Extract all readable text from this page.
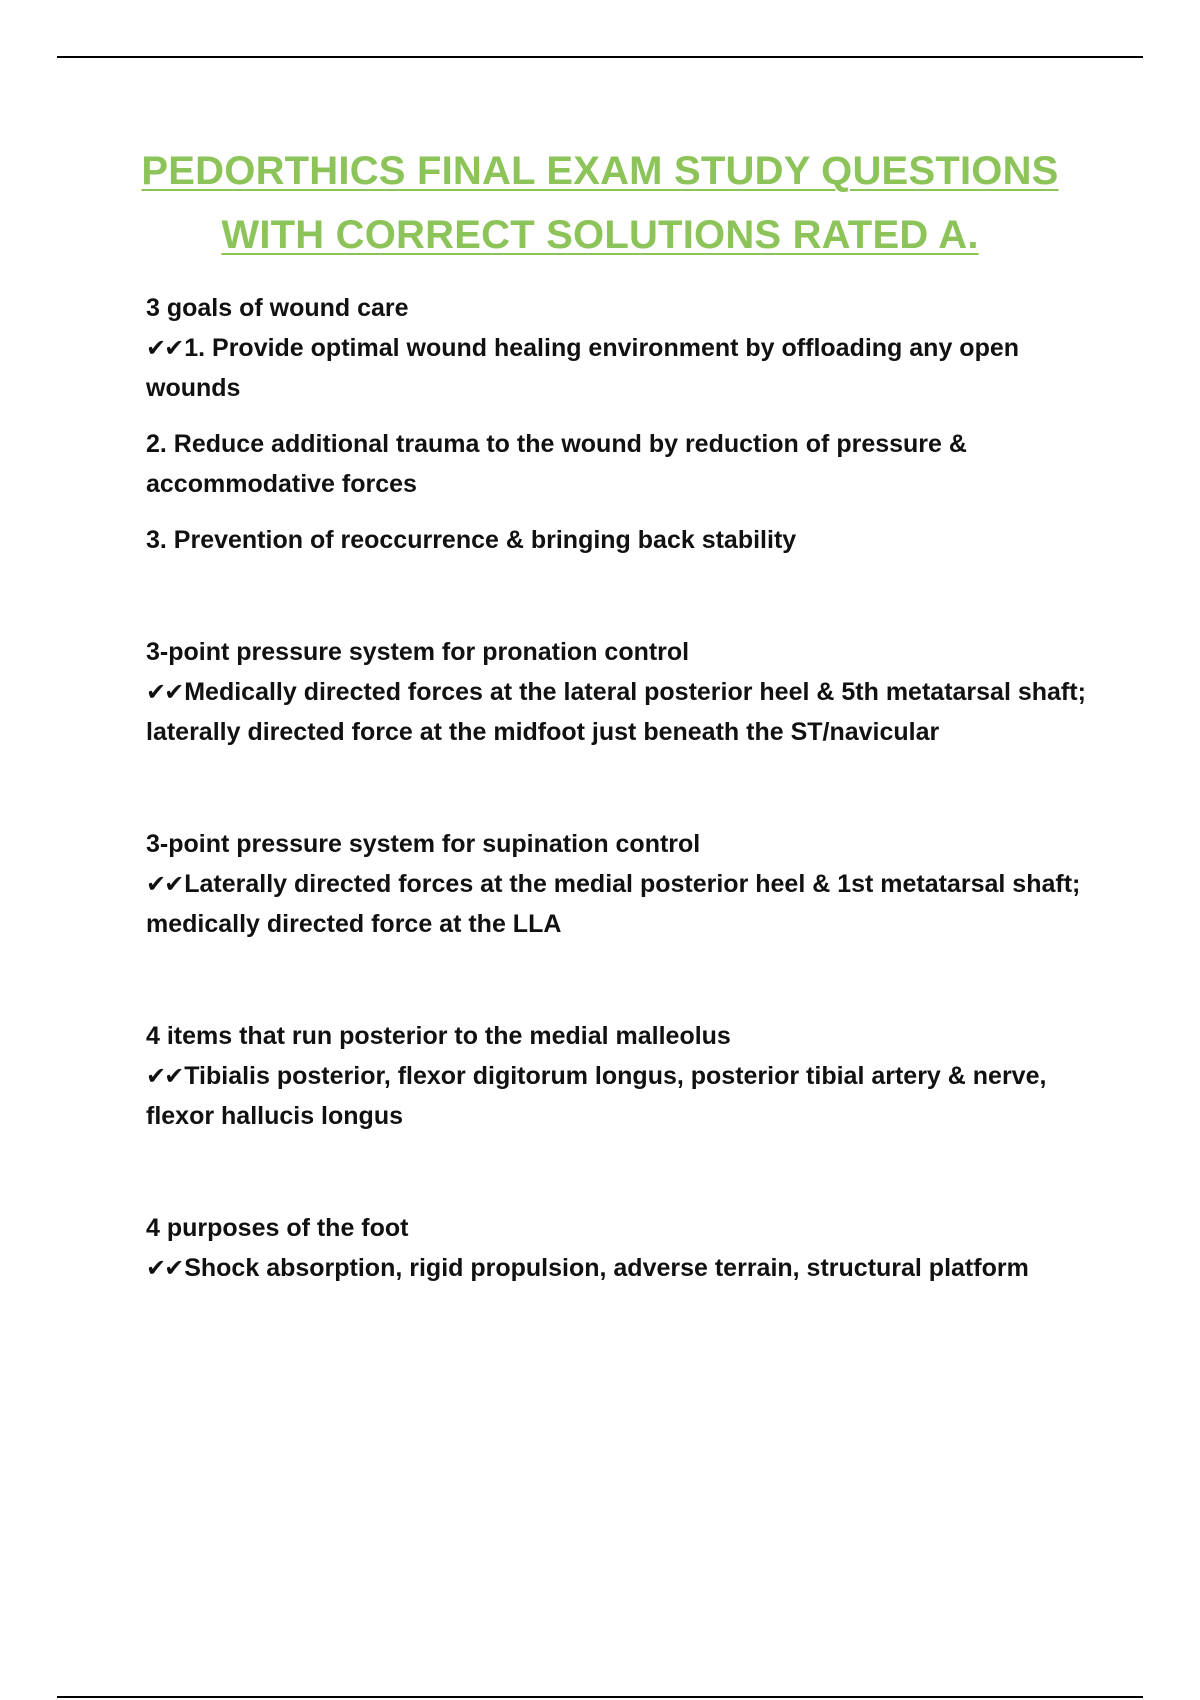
PEDORTHICS FINAL EXAM STUDY QUESTIONS
WITH CORRECT SOLUTIONS RATED A.

3 goals of wound care

✔✔1. Provide optimal wound healing environment by offloading any open wounds

2. Reduce additional trauma to the wound by reduction of pressure & accommodative forces

3. Prevention of reoccurrence & bringing back stability

3-point pressure system for pronation control

✔✔Medically directed forces at the lateral posterior heel & 5th metatarsal shaft; laterally directed force at the midfoot just beneath the ST/navicular

3-point pressure system for supination control

✔✔Laterally directed forces at the medial posterior heel & 1st metatarsal shaft; medically directed force at the LLA

4 items that run posterior to the medial malleolus

✔✔Tibialis posterior, flexor digitorum longus, posterior tibial artery & nerve, flexor hallucis longus

4 purposes of the foot

✔✔Shock absorption, rigid propulsion, adverse terrain, structural platform
